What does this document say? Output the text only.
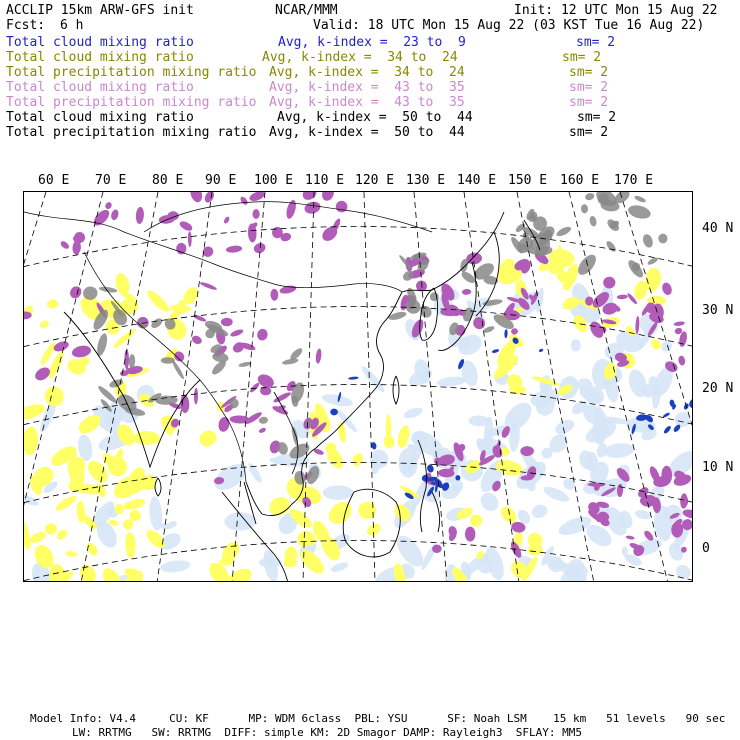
ACCLIP 15km ARW-GFS init	NCAR/MMM	Init: 12 UTC Mon 15 Aug 22
Fcst: 6 h	Valid: 18 UTC Mon 15 Aug 22 (03 KST Tue 16 Aug 22)
Total cloud mixing ratio	Avg, k-index =  23 to  9	sm= 2
Total cloud mixing ratio	Avg, k-index =  34 to  24	sm= 2
Total precipitation mixing ratio Avg, k-index =  34 to  24	sm= 2
Total cloud mixing ratio	Avg, k-index =  43 to  35	sm= 2
Total precipitation mixing ratio Avg, k-index =  43 to  35	sm= 2
Total cloud mixing ratio	Avg, k-index =  50 to  44	sm= 2
Total precipitation mixing ratio Avg, k-index =  50 to  44	sm= 2
60 E 70 E 80 E 90 E 100 E 110 E 120 E 130 E 140 E 150 E 160 E 170 E
40 N
30 N
20 N
10 N
0
Model Info: V4.4     CU: KF      MP: WDM 6class  PBL: YSU      SF: Noah LSM    15 km   51 levels   90 sec
LW: RRTMG   SW: RRTMG  DIFF: simple KM: 2D Smagor DAMP: Rayleigh3  SFLAY: MM5
